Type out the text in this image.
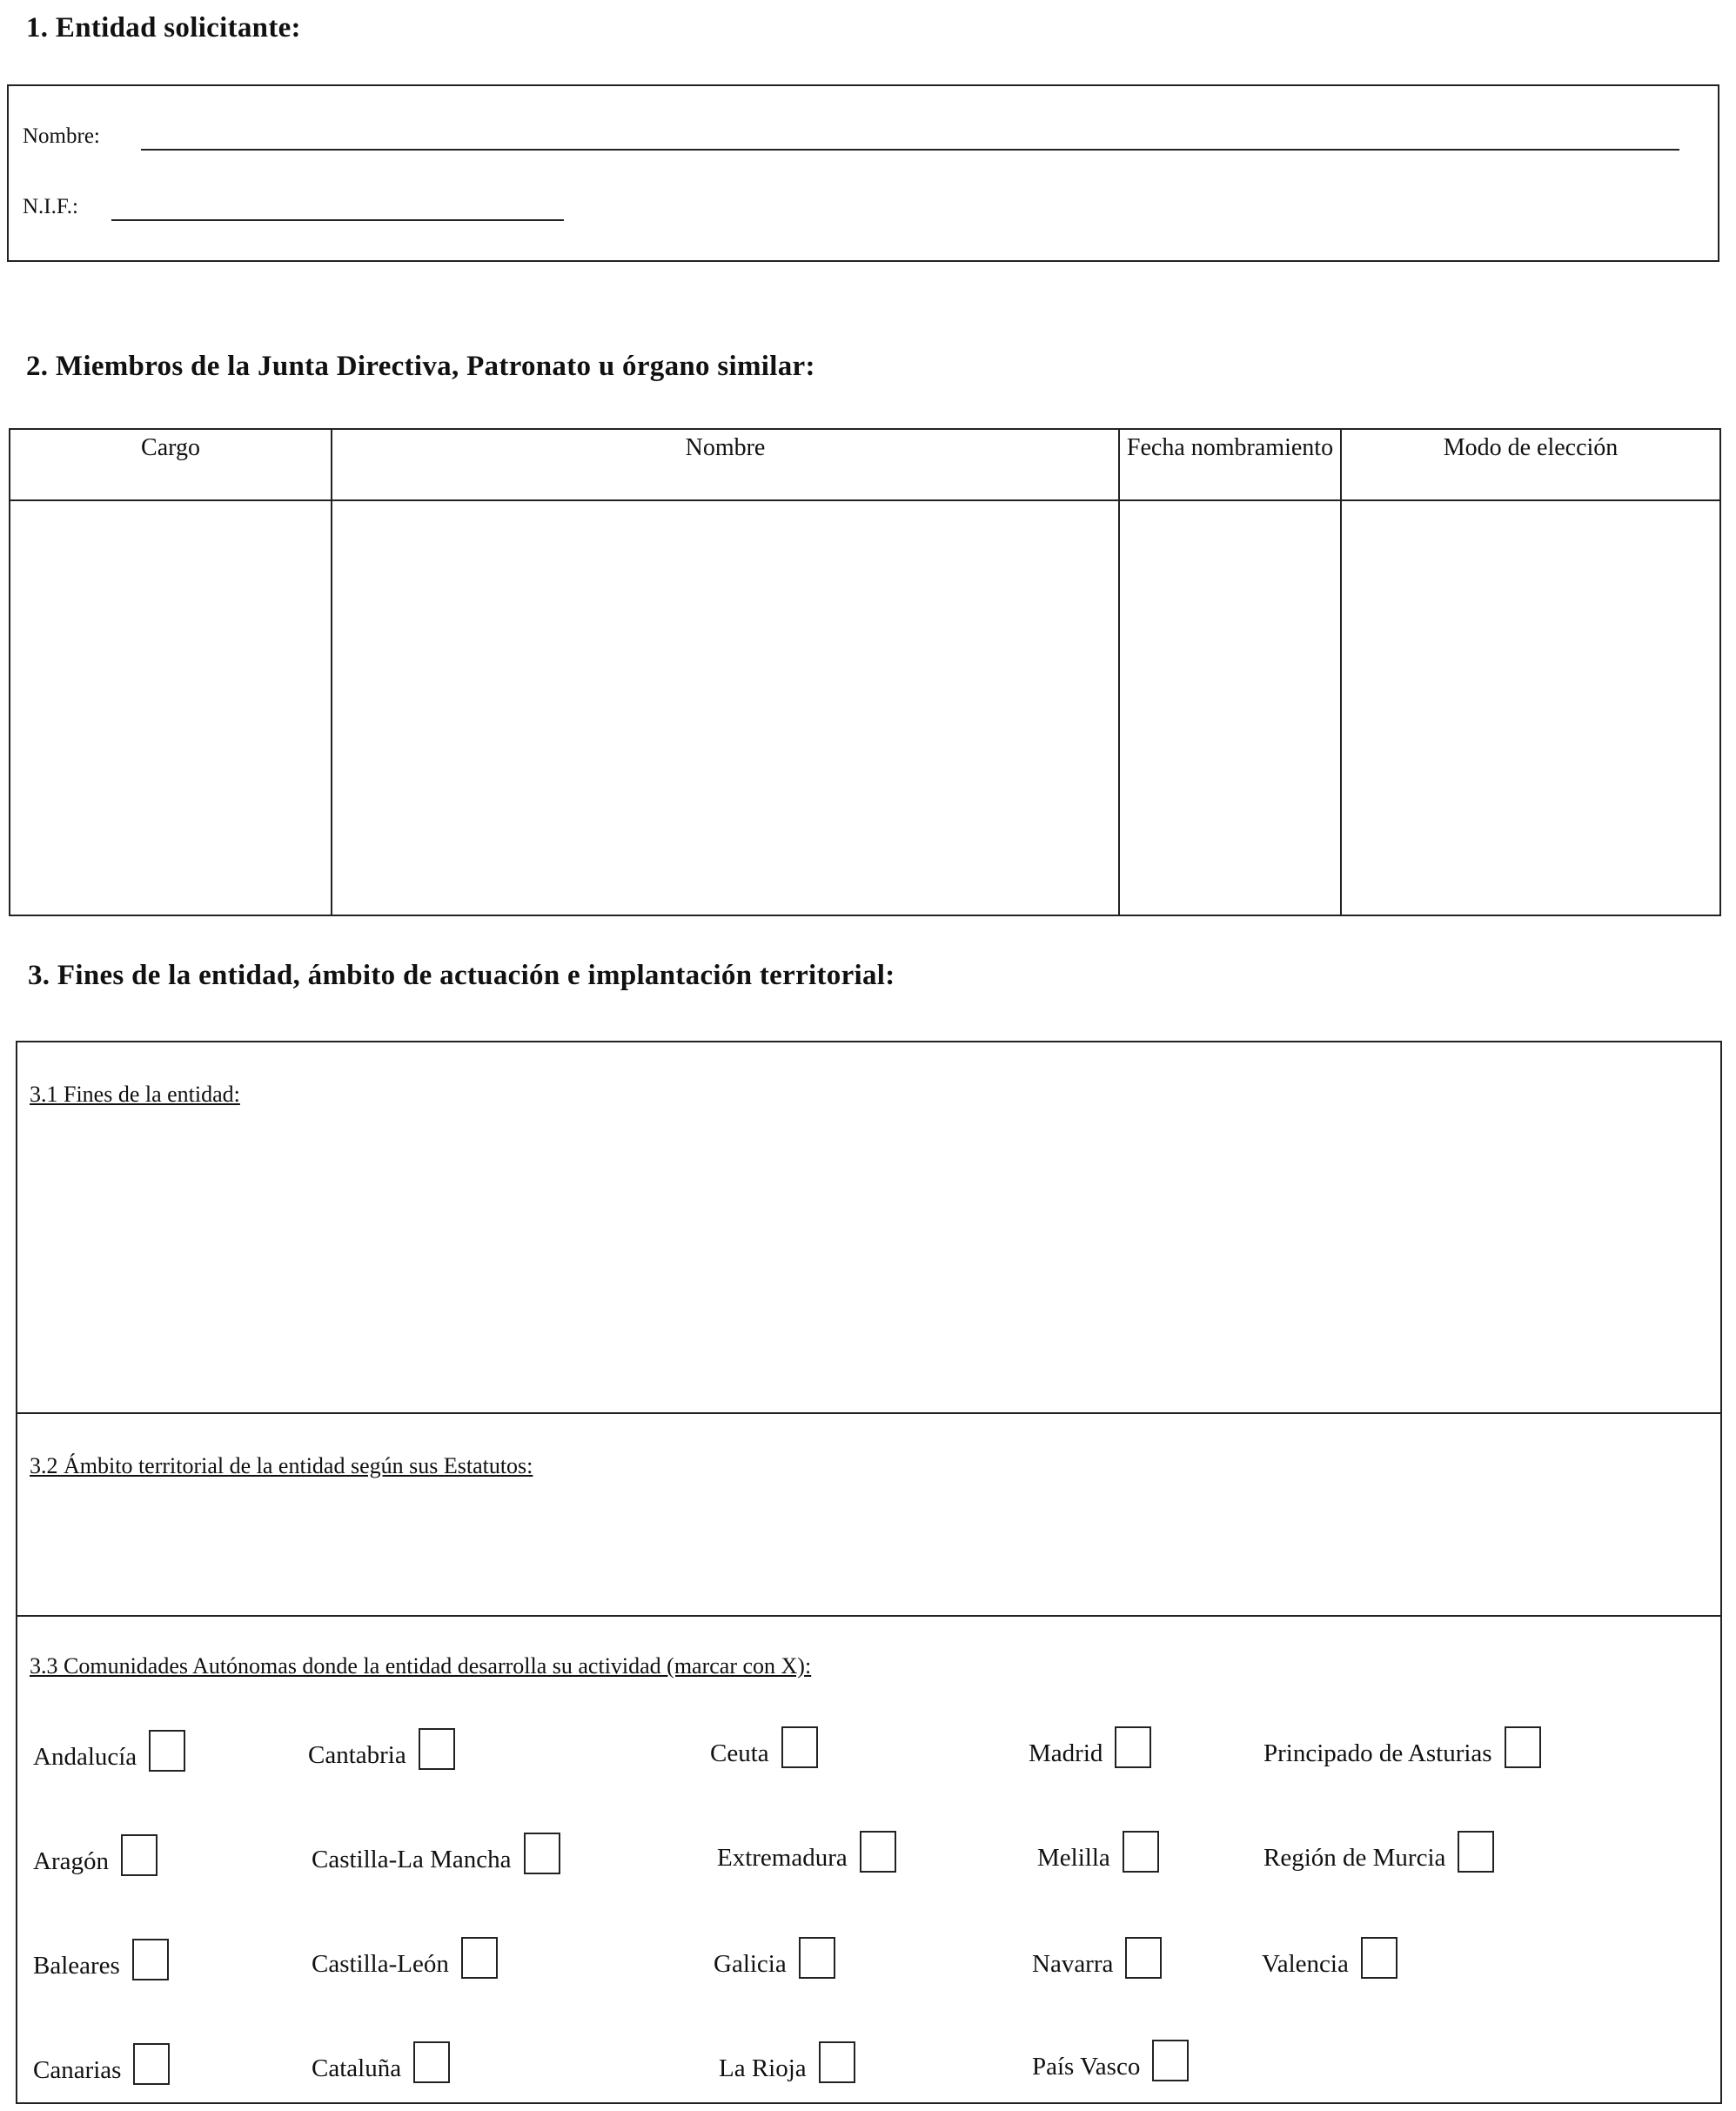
1. Entidad solicitante:
Nombre:
N.I.F.:
2. Miembros de la Junta Directiva, Patronato u órgano similar:
Cargo	Nombre	Fecha nombramiento	Modo de elección

3. Fines de la entidad, ámbito de actuación e implantación territorial:
3.1 Fines de la entidad:
3.2 Ámbito territorial de la entidad según sus Estatutos:
3.3 Comunidades Autónomas donde la entidad desarrolla su actividad (marcar con X):
Andalucía	Cantabria	Ceuta	Madrid	Principado de Asturias
Aragón	Castilla-La Mancha	Extremadura	Melilla	Región de Murcia
Baleares	Castilla-León	Galicia	Navarra	Valencia
Canarias	Cataluña	La Rioja	País Vasco
